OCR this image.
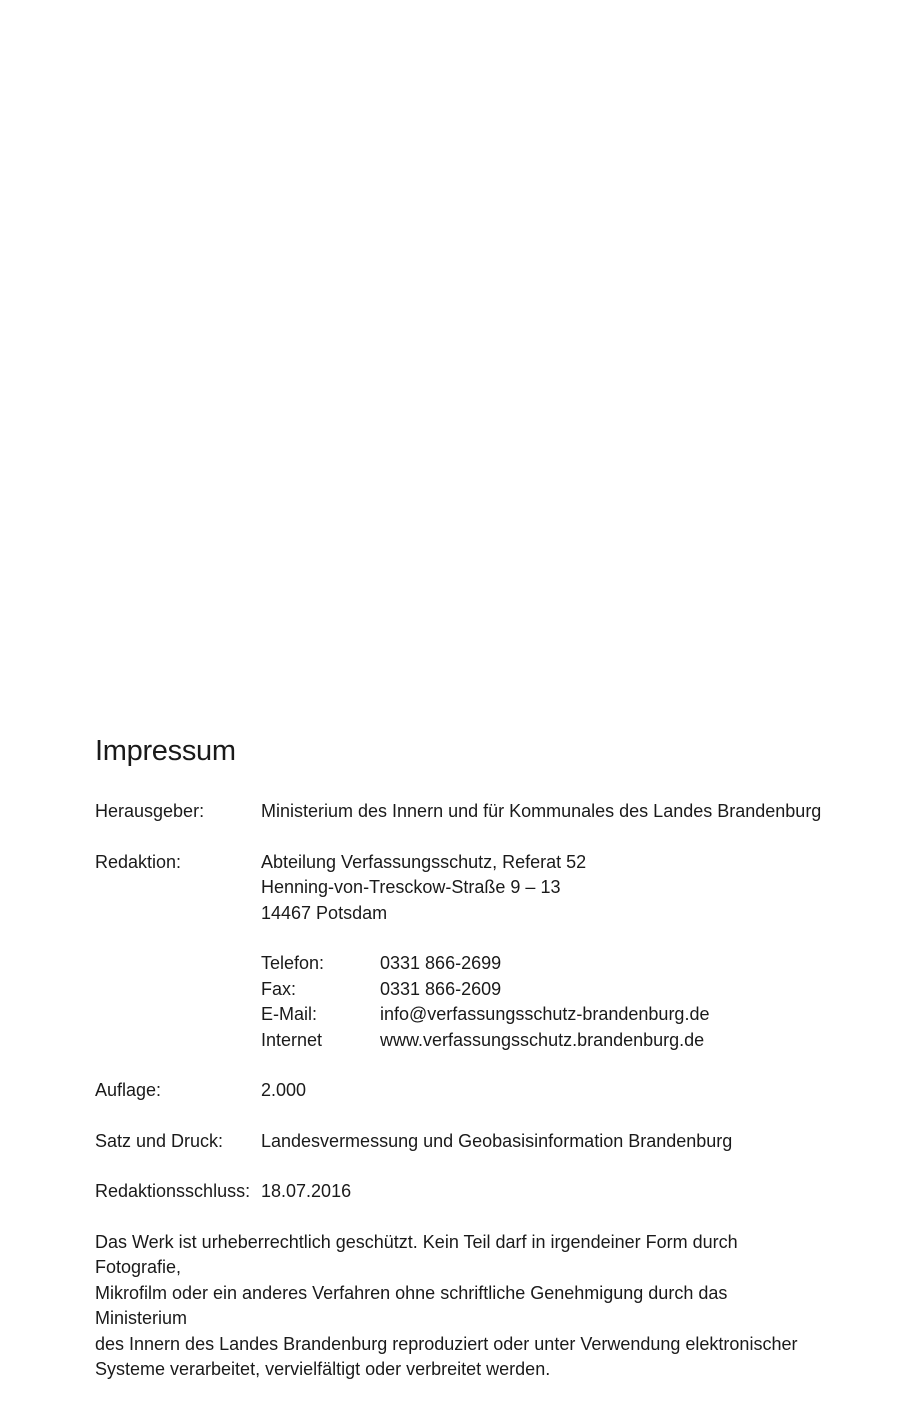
Impressum
Herausgeber:	Ministerium des Innern und für Kommunales des Landes Brandenburg
Redaktion:	Abteilung Verfassungsschutz, Referat 52
Henning-von-Tresckow-Straße 9 – 13
14467 Potsdam
Telefon:	0331 866-2699
Fax:	0331 866-2609
E-Mail:	info@verfassungsschutz-brandenburg.de
Internet	www.verfassungsschutz.brandenburg.de
Auflage:	2.000
Satz und Druck:	Landesvermessung und Geobasisinformation Brandenburg
Redaktionsschluss: 18.07.2016
Das Werk ist urheberrechtlich geschützt. Kein Teil darf in irgendeiner Form durch Fotografie,
Mikrofilm oder ein anderes Verfahren ohne schriftliche Genehmigung durch das Ministerium
des Innern des Landes Brandenburg reproduziert oder unter Verwendung elektronischer
Systeme verarbeitet, vervielfältigt oder verbreitet werden.
